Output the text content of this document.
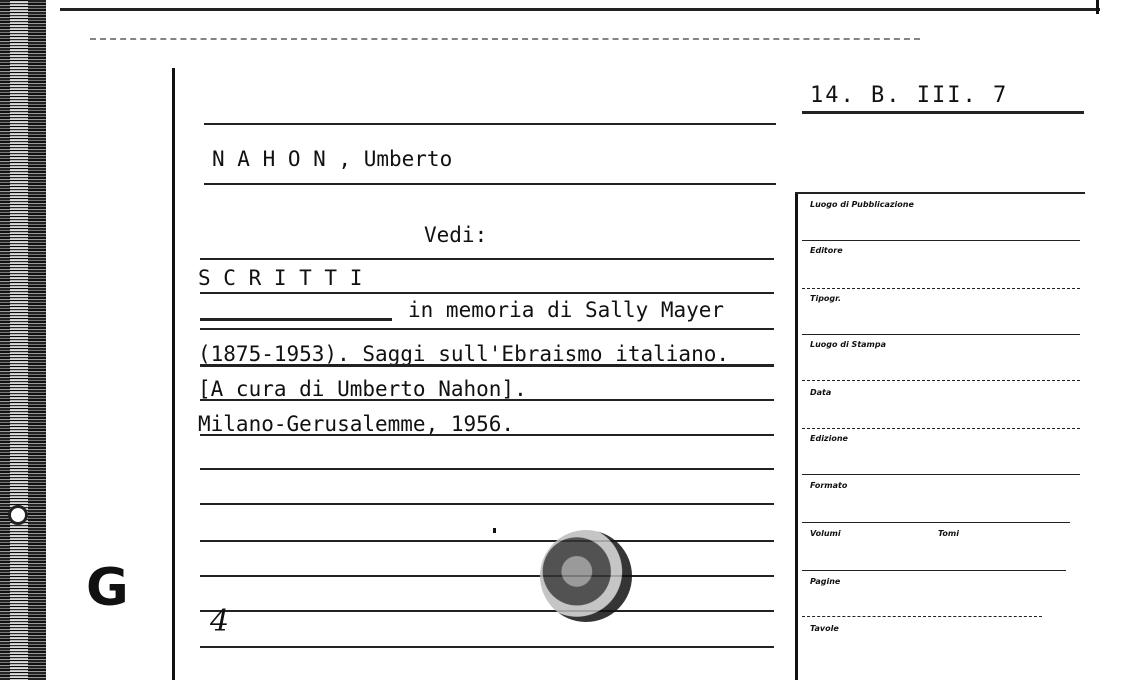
14. B. III. 7
N A H O N , Umberto
Vedi:
S C R I T T I
in memoria di Sally Mayer
(1875-1953). Saggi sull'Ebraismo italiano.
[A cura di Umberto Nahon].
Milano-Gerusalemme, 1956.
4
G
Luogo di Pubblicazione
Editore
Tipogr.
Luogo di Stampa
Data
Edizione
Formato
Volumi	Tomi
Pagine
Tavole
